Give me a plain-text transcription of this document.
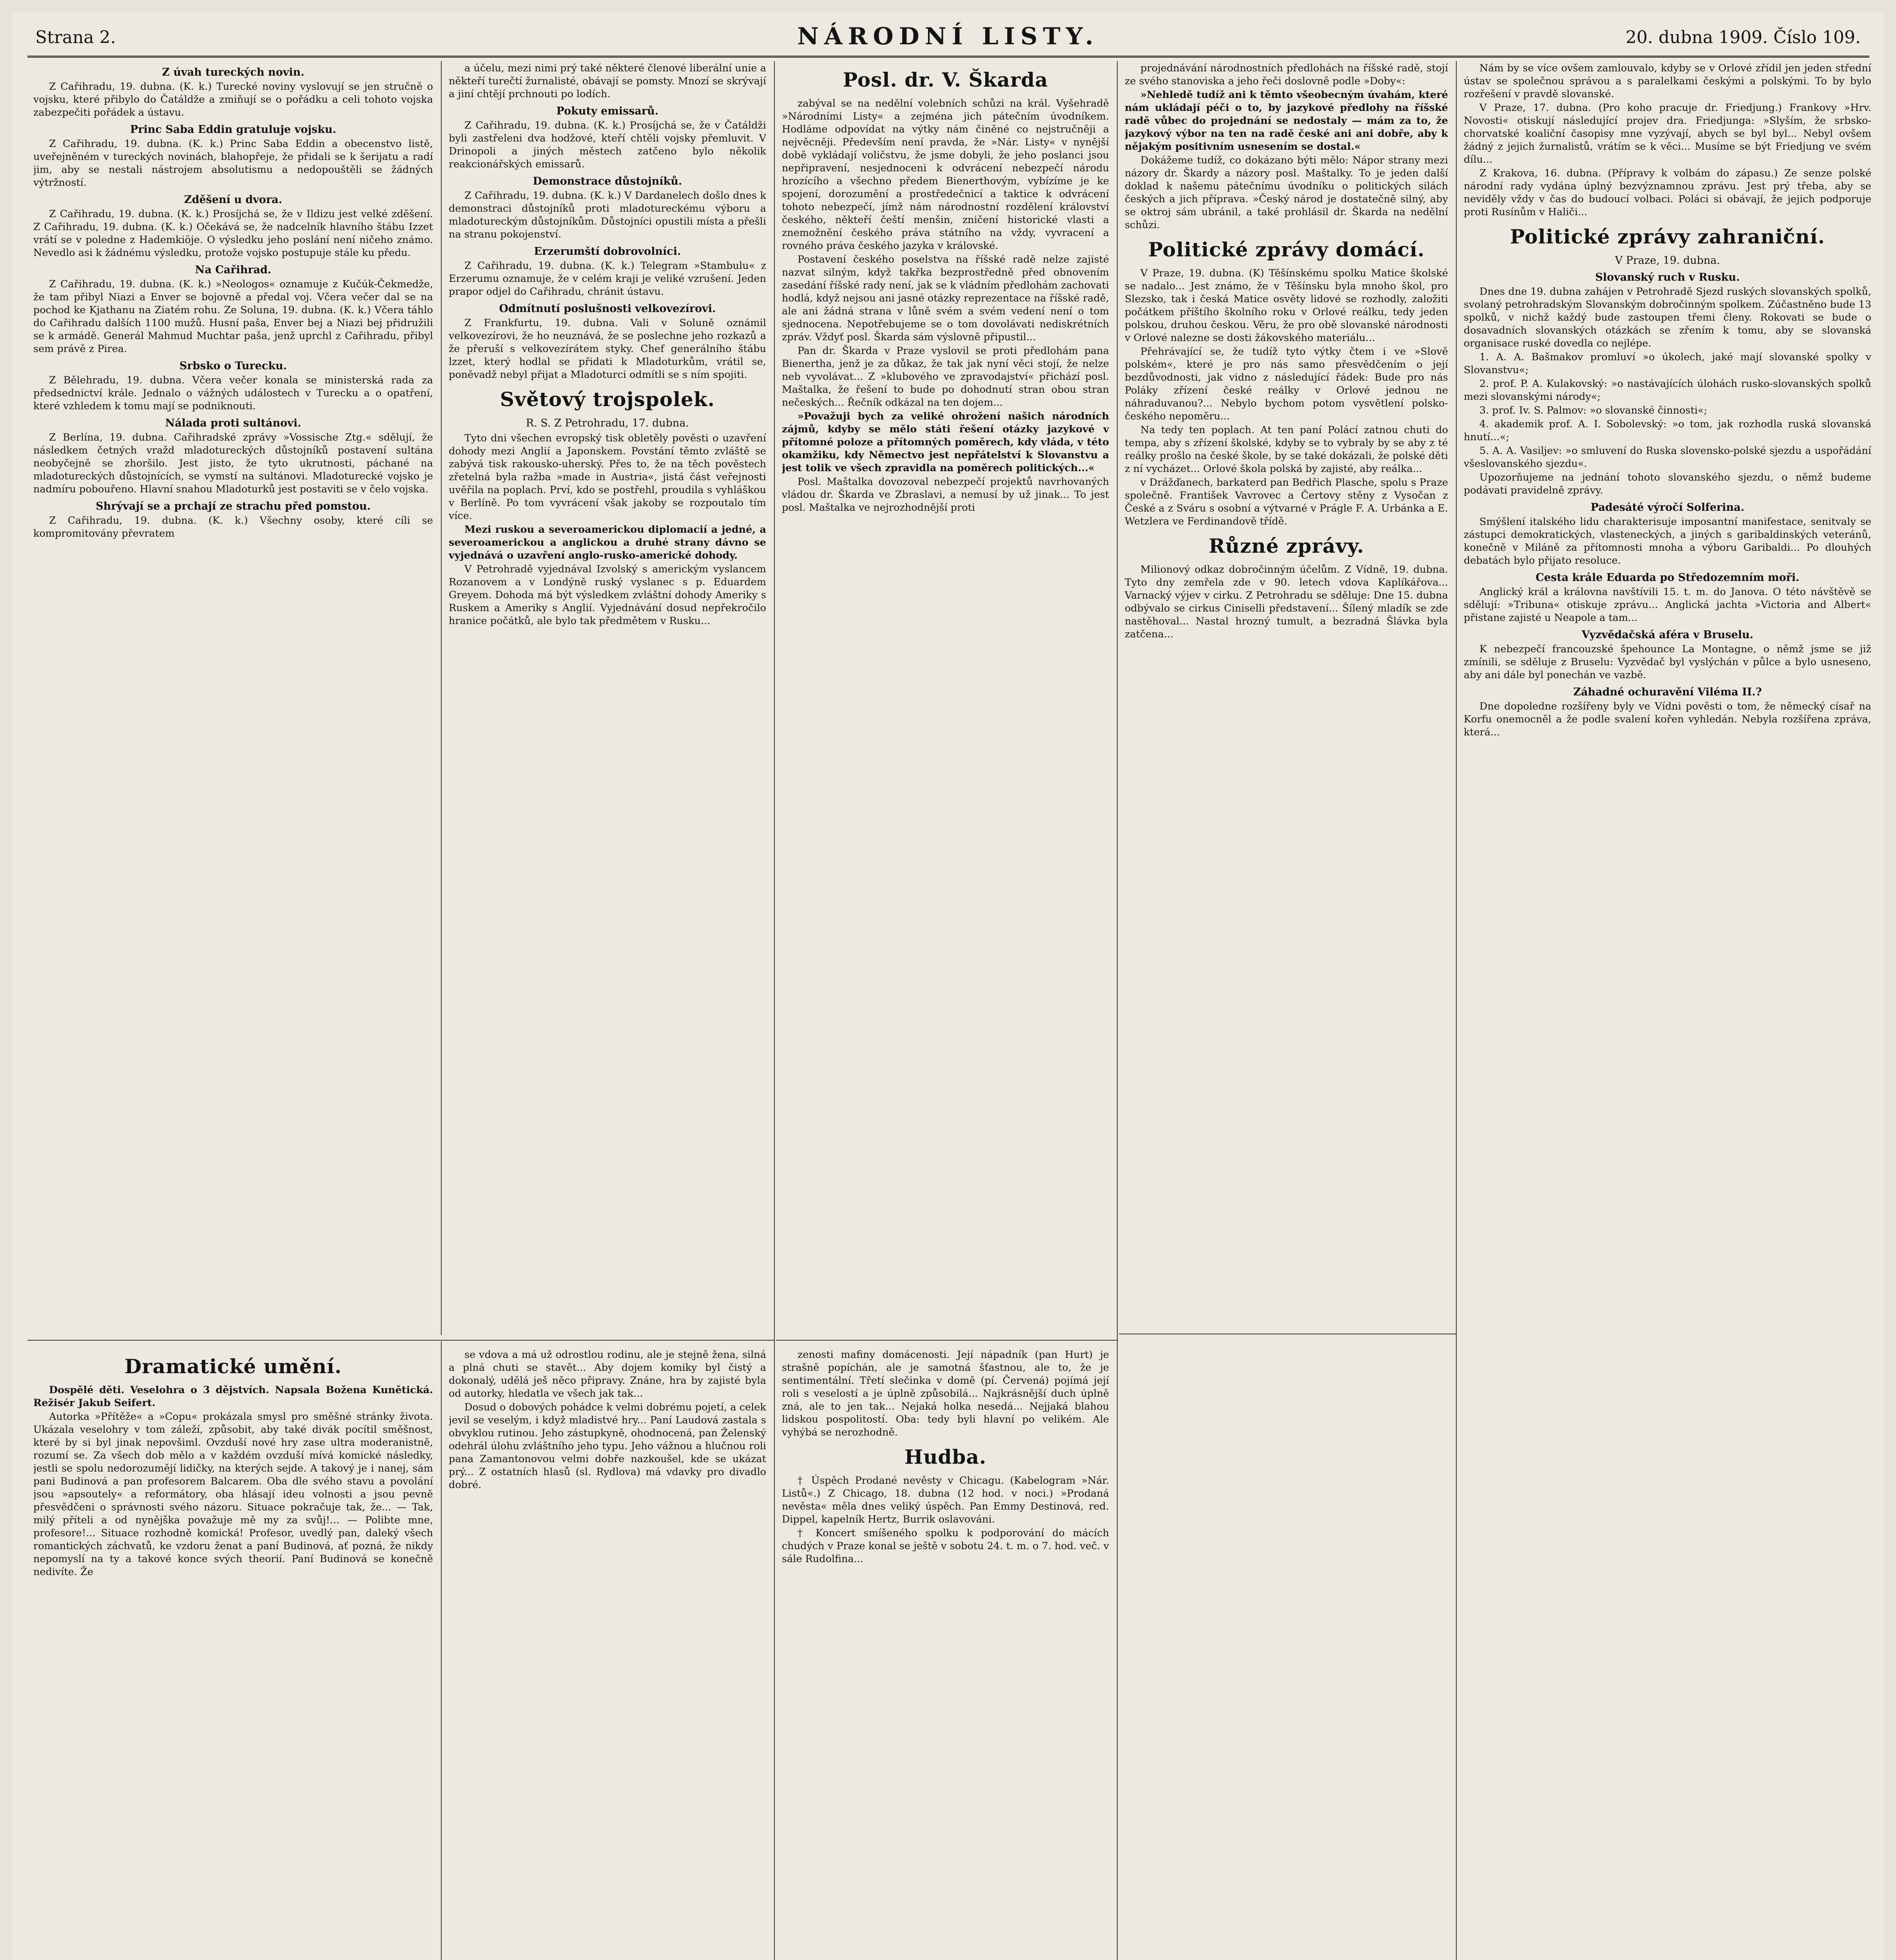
Strana 2.	NÁRODNÍ LISTY.	20. dubna 1909. Číslo 109.
Z úvah tureckých novin.

Z Cařihradu, 19. dubna. (K. k.) Turecké noviny vyslovují se jen stručně o vojsku, které přibylo do Čatáldže a zmiňují se o pořádku a celi tohoto vojska zabezpečiti pořádek a ústavu.

Princ Saba Eddin gratuluje vojsku.

Z Cařihradu, 19. dubna. (K. k.) Princ Saba Eddin a obecenstvo listě, uveřejněném v tureckých novinách, blahopřeje, že přidali se k šerijatu a radí jim, aby se nestali nástrojem absolutismu a nedopouštěli se žádných výtržností.

Zděšení u dvora.

Z Cařihradu, 19. dubna. (K. k.) Prosíjchá se, že v Ildizu jest velké zděšení. Z Cařihradu, 19. dubna. (K. k.) Očekává se, že nadcelník hlavního štábu Izzet vrátí se v poledne z Hademkiöje. O výsledku jeho poslání není ničeho známo. Nevedlo asi k žádnému výsledku, protože vojsko postupuje stále ku předu.

Na Cařihrad.

Z Cařihradu, 19. dubna. (K. k.) »Neologos« oznamuje z Kučúk-Čekmedže, že tam přibyl Niazi a Enver se bojovně a předal voj. Včera večer dal se na pochod ke Kjathanu na Ziatém rohu. Ze Soluna, 19. dubna. (K. k.) Včera táhlo do Cařihradu dalších 1100 mužů. Husní paša, Enver bej a Niazi bej přidružili se k armádě. Generál Mahmud Muchtar paša, jenž uprchl z Cařihradu, přibyl sem právě z Pirea.

Srbsko o Turecku.

Z Bělehradu, 19. dubna. Včera večer konala se ministerská rada za předsednictví krále. Jednalo o vážných událostech v Turecku a o opatření, které vzhledem k tomu mají se podniknouti.

Nálada proti sultánovi.

Z Berlína, 19. dubna. Cařihradské zprávy »Vossische Ztg.« sdělují, že následkem četných vražd mladotureckých důstojníků postavení sultána neobyčejně se zhoršilo. Jest jisto, že tyto ukrutnosti, páchané na mladotureckých důstojnících, se vymstí na sultánovi. Mladoturecké vojsko je nadmíru pobouřeno. Hlavní snahou Mladoturků jest postaviti se v čelo vojska.

Shrývají se a prchají ze strachu před pomstou.

Z Cařihradu, 19. dubna. (K. k.) Všechny osoby, které cíli se kompromitovány převratem

Dramatické umění.

Dospělé děti. Veselohra o 3 dějstvích. Napsala Božena Kunětická. Režisér Jakub Seifert.

Autorka »Přítěže« a »Copu« prokázala smysl pro směšné stránky života. Ukázala veselohry v tom záleží, způsobit, aby také divák pocítil směšnost, které by si byl jinak nepovšiml. Ovzduší nové hry zase ultra moderanistně, rozumí se. Za všech dob mělo a v každém ovzduší mívá komické následky, jestli se spolu nedorozumějí lidičky, na kterých sejde. A takový je i nanej, sám pani Budinová a pan profesorem Balcarem. Oba dle svého stavu a povolání jsou »apsoutely« a reformátory, oba hlásají ideu volnosti a jsou pevně přesvědčeni o správnosti svého názoru. Situace pokračuje tak, že... — Tak, milý příteli a od nynějška považuje mě my za svůj!... — Polibte mne, profesore!... Situace rozhodně komická! Profesor, uvedlý pan, daleký všech romantických záchvatů, ke vzdoru ženat a paní Budinová, ať pozná, že nikdy nepomyslí na ty a takové konce svých theorií. Paní Budinová se konečně nedivíte. Že

a účelu, mezi nimi prý také některé členové liberální unie a někteří turečtí žurnalisté, obávají se pomsty. Mnozí se skrývají a jiní chtějí prchnouti po lodích.

Pokuty emissarů.

Z Cařihradu, 19. dubna. (K. k.) Prosíjchá se, že v Čatáldži byli zastřeleni dva hodžové, kteří chtěli vojsky přemluvit. V Drinopoli a jiných městech zatčeno bylo několik reakcionářských emissarů.

Demonstrace důstojníků.

Z Cařihradu, 19. dubna. (K. k.) V Dardanelech došlo dnes k demonstraci důstojníků proti mladotureckému výboru a mladotureckým důstojníkům. Důstojníci opustili místa a přešli na stranu pokojenství.

Erzerumští dobrovolníci.

Z Cařihradu, 19. dubna. (K. k.) Telegram »Stambulu« z Erzerumu oznamuje, že v celém kraji je veliké vzrušení. Jeden prapor odjel do Cařihradu, chránit ústavu.

Odmítnutí poslušnosti velkovezírovi.

Z Frankfurtu, 19. dubna. Vali v Soluně oznámil velkovezírovi, že ho neuznává, že se poslechne jeho rozkazů a že přeruší s velkovezírátem styky. Chef generálního štábu lzzet, který hodlal se přidati k Mladoturkům, vrátil se, poněvadž nebyl přijat a Mladoturci odmítli se s ním spojiti.

Světový trojspolek.
R. S. Z Petrohradu, 17. dubna.

Tyto dni všechen evropský tisk obletěly pověsti o uzavření dohody mezi Anglií a Japonskem. Povstání těmto zvláště se zabývá tisk rakousko-uherský. Přes to, že na těch pověstech zřetelná byla ražba »made in Austria«, jistá část veřejnosti uvěřila na poplach. Prví, kdo se postřehl, proudila s vyhláškou v Berlíně. Po tom vyvrácení však jakoby se rozpoutalo tím více.

Mezi ruskou a severoamerickou diplomacií a jedné, a severoamerickou a anglickou a druhé strany dávno se vyjednává o uzavření anglo-rusko-americké dohody.

V Petrohradě vyjednával Izvolský s americkým vyslancem Rozanovem a v Londýně ruský vyslanec s p. Eduardem Greyem. Dohoda má být výsledkem zvláštní dohody Ameriky s Ruskem a Ameriky s Anglií. Vyjednávání dosud nepřekročilo hranice počátků, ale bylo tak předmětem v Rusku...

se vdova a má už odrostlou rodinu, ale je stejně žena, silná a plná chuti se stavět... Aby dojem komiky byl čistý a dokonalý, udělá ješ něco připravy. Znáne, hra by zajisté byla od autorky, hledatla ve všech jak tak...

Dosud o dobových pohádce k velmi dobrému pojetí, a celek jevil se veselým, i když mladistvé hry... Paní Laudová zastala s obvyklou rutinou. Jeho zástupkyně, ohodnocená, pan Želenský odehrál úlohu zvláštního jeho typu. Jeho vážnou a hlučnou roli pana Zamantonovou velmi dobře nazkoušel, kde se ukázat prý... Z ostatních hlasů (sl. Rydlova) má vdavky pro divadlo dobré.

Posl. dr. V. Škarda

zabýval se na nedělní volebních schůzi na král. Vyšehradě »Národními Listy« a zejména jich pátečním úvodníkem. Hodláme odpovídat na výtky nám činěné co nejstručněji a nejvěcněji. Především není pravda, že »Nár. Listy« v nynější době vykládají voličstvu, že jsme dobyli, že jeho poslanci jsou nepřipravení, nesjednoceni k odvrácení nebezpečí národu hrozícího a všechno předem Bienerthovým, vybízíme je ke spojení, dorozumění a prostředečnicí a taktice k odvrácení tohoto nebezpečí, jímž nám národnostní rozdělení království českého, někteří čeští menšin, zničení historické vlasti a znemožnění českého práva státního na vždy, vyvracení a rovného práva českého jazyka v královské.

Postavení českého poselstva na říšské radě nelze zajisté nazvat silným, když takřka bezprostředně před obnovením zasedání říšské rady není, jak se k vládním předlohám zachovati hodlá, když nejsou ani jasné otázky reprezentace na říšské radě, ale ani žádná strana v lůně svém a svém vedení není o tom sjednocena. Nepotřebujeme se o tom dovolávati nediskrétních zpráv. Vždyť posl. Škarda sám výslovně připustil...

Pan dr. Škarda v Praze vyslovil se proti předlohám pana Bienertha, jenž je za důkaz, že tak jak nyní věci stojí, že nelze neb vyvolávat... Z »klubového ve zpravodajství« přichází posl. Maštalka, že řešení to bude po dohodnutí stran obou stran nečeských... Řečník odkázal na ten dojem...

»Považuji bych za veliké ohrožení našich národních zájmů, kdyby se mělo státi řešení otázky jazykové v přítomné poloze a přítomných poměrech, kdy vláda, v této okamžiku, kdy Němectvo jest nepřátelství k Slovanstvu a jest tolik ve všech zpravidla na poměrech politických...«

Posl. Maštalka dovozoval nebezpečí projektů navrhovaných vládou dr. Škarda ve Zbraslavi, a nemusí by už jinak... To jest posl. Maštalka ve nejrozhodnější proti

zenosti mafiny domácenosti. Její nápadník (pan Hurt) je strašně popíchán, ale je samotná šťastnou, ale to, že je sentimentální. Třetí slečinka v domě (pí. Červená) pojímá její roli s veselostí a je úplně způsobilá... Najkrásnější duch úplně zná, ale to jen tak... Nejaká holka nesedá... Nejjaká blahou lidskou pospolitostí. Oba: tedy byli hlavní po velikém. Ale vyhýbá se nerozhodně.

Hudba.

† Úspěch Prodané nevěsty v Chicagu. (Kabelogram »Nár. Listů«.) Z Chicago, 18. dubna (12 hod. v noci.) »Prodaná nevěsta« měla dnes veliký úspěch. Pan Emmy Destinová, red. Dippel, kapelník Hertz, Burrik oslavováni.

† Koncert smíšeného spolku k podporování do mácích chudých v Praze konal se ještě v sobotu 24. t. m. o 7. hod. več. v sále Rudolfina...

projednávání národnostních předlohách na říšské radě, stojí ze svého stanoviska a jeho řeči doslovně podle »Doby«:

»Nehledě tudíž ani k těmto všeobecným úvahám, které nám ukládají péči o to, by jazykové předlohy na říšské radě vůbec do projednání se nedostaly — mám za to, že jazykový výbor na ten na radě české ani ani dobře, aby k nějakým positivním usnesením se dostal.«

Dokážeme tudíž, co dokázano býti mělo: Nápor strany mezi názory dr. Škardy a názory posl. Maštalky. To je jeden další doklad k našemu pátečnímu úvodníku o politických silách českých a jich příprava. »Český národ je dostatečně silný, aby se oktroj sám ubránil, a také prohlásil dr. Škarda na nedělní schůzi.

Politické zprávy domácí.

V Praze, 19. dubna. (K) Těšínskému spolku Matice školské se nadalo... Jest známo, že v Těšínsku byla mnoho škol, pro Slezsko, tak i česká Matice osvěty lidové se rozhodly, založiti počátkem příštího školního roku v Orlové reálku, tedy jeden polskou, druhou českou. Věru, že pro obě slovanské národnosti v Orlové nalezne se dosti žákovského materiálu...

Přehrávající se, že tudíž tyto výtky čtem i ve »Slově polském«, které je pro nás samo přesvědčením o její bezdůvodnosti, jak vidno z následující řádek: Bude pro nás Poláky zřízení české reálky v Orlové jednou ne náhraduvanou?... Nebylo bychom potom vysvětlení polsko-českého nepoměru...

Na tedy ten poplach. At ten paní Polácí zatnou chuti do tempa, aby s zřízení školské, kdyby se to vybraly by se aby z té reálky prošlo na české škole, by se také dokázali, že polské děti z ní vycházet... Orlové škola polská by zajisté, aby reálka...

v Drážďanech, barkaterd pan Bedřich Plasche, spolu s Praze společně. František Vavrovec a Čertovy stěny z Vysočan z České a z Sváru s osobní a výtvarné v Prágle F. A. Urbánka a E. Wetzlera ve Ferdinandově třídě.

Různé zprávy.

Milionový odkaz dobročinným účelům. Z Vídně, 19. dubna. Tyto dny zemřela zde v 90. letech vdova Kaplíkářova... Varnacký výjev v cirku. Z Petrohradu se sděluje: Dne 15. dubna odbývalo se cirkus Ciniselli představení... Šílený mladík se zde nastěhoval... Nastal hrozný tumult, a bezradná Šlávka byla zatčena...

Nám by se více ovšem zamlouvalo, kdyby se v Orlové zřídil jen jeden střední ústav se společnou správou a s paralelkami českými a polskými. To by bylo rozřešení v pravdě slovanské.

V Praze, 17. dubna. (Pro koho pracuje dr. Friedjung.) Frankovy »Hrv. Novosti« otiskují následující projev dra. Friedjunga: »Slyším, že srbsko-chorvatské koaliční časopisy mne vyzývají, abych se byl byl... Nebyl ovšem žádný z jejich žurnalistů, vrátím se k věci... Musíme se být Friedjung ve svém dílu...

Z Krakova, 16. dubna. (Přípravy k volbám do zápasu.) Ze senze polské národní rady vydána úplný bezvýznamnou zprávu. Jest prý třeba, aby se neviděly vždy v čas do budoucí volbaci. Poláci si obávají, že jejich podporuje proti Rusínům v Haliči...

Politické zprávy zahraniční.
V Praze, 19. dubna.
Slovanský ruch v Rusku.

Dnes dne 19. dubna zahájen v Petrohradě Sjezd ruských slovanských spolků, svolaný petrohradským Slovanským dobročinným spolkem. Zúčastněno bude 13 spolků, v nichž každý bude zastoupen třemi členy. Rokovati se bude o dosavadních slovanských otázkách se zřením k tomu, aby se slovanská organisace ruské dovedla co nejlépe.

1. A. A. Bašmakov promluví »o úkolech, jaké mají slovanské spolky v Slovanstvu«;

2. prof. P. A. Kulakovský: »o nastávajících úlohách rusko-slovanských spolků mezi slovanskými národy«;

3. prof. Iv. S. Palmov: »o slovanské činnosti«;

4. akademik prof. A. I. Sobolevský: »o tom, jak rozhodla ruská slovanská hnutí...«;

5. A. A. Vasiljev: »o smluvení do Ruska slovensko-polské sjezdu a uspořádání všeslovanského sjezdu«.

Upozorňujeme na jednání tohoto slovanského sjezdu, o němž budeme podávati pravidelně zprávy.

Padesáté výročí Solferina.

Smýšlení italského lidu charakterisuje imposantní manifestace, senitvaly se zástupci demokratických, vlasteneckých, a jiných s garibaldinských veteránů, konečně v Miláně za přítomnosti mnoha a výboru Garibaldi... Po dlouhých debatách bylo přijato resoluce.

Cesta krále Eduarda po Středozemním moři.

Anglický král a královna navštívili 15. t. m. do Janova. O této návštěvě se sdělují: »Tribuna« otiskuje zprávu... Anglická jachta »Victoria and Albert« přistane zajisté u Neapole a tam...

Vyzvědačská aféra v Bruselu.

K nebezpečí francouzské špehounce La Montagne, o němž jsme se již zmínili, se sděluje z Bruselu: Vyzvědač byl vyslýchán v půlce a bylo usneseno, aby ani dále byl ponechán ve vazbě.

Záhadné ochuravění Viléma II.?

Dne dopoledne rozšířeny byly ve Vídni pověsti o tom, že německý císař na Korfu onemocněl a že podle svalení kořen vyhledán. Nebyla rozšířena zpráva, která...
